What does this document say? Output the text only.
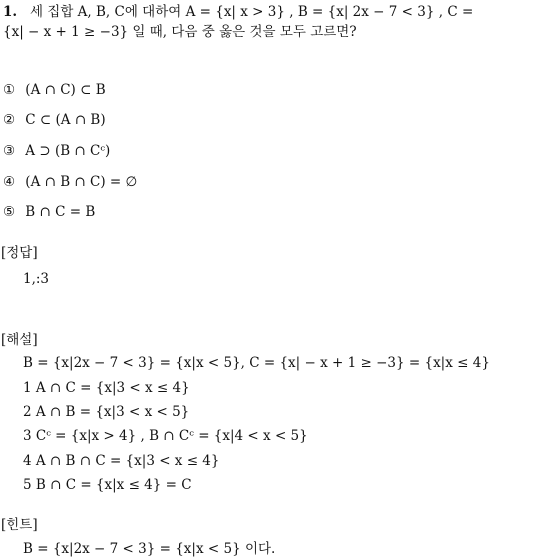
1. 세 집합 A, B, C에 대하여 A = {x| x > 3} , B = {x| 2x − 7 < 3} , C =
{x| − x + 1 ≥ −3} 일 때, 다음 중 옳은 것을 모두 고르면?
① (A ∩ C) ⊂ B
② C ⊂ (A ∩ B)
③ A ⊃ (B ∩ Cᶜ)
④ (A ∩ B ∩ C) = ∅
⑤ B ∩ C = B
[정답]
1,:3
[해설]
B = {x|2x − 7 < 3} = {x|x < 5}, C = {x| − x + 1 ≥ −3} = {x|x ≤ 4}
1 A ∩ C = {x|3 < x ≤ 4}
2 A ∩ B = {x|3 < x < 5}
3 Cᶜ = {x|x > 4} , B ∩ Cᶜ = {x|4 < x < 5}
4 A ∩ B ∩ C = {x|3 < x ≤ 4}
5 B ∩ C = {x|x ≤ 4} = C
[힌트]
B = {x|2x − 7 < 3} = {x|x < 5} 이다.
